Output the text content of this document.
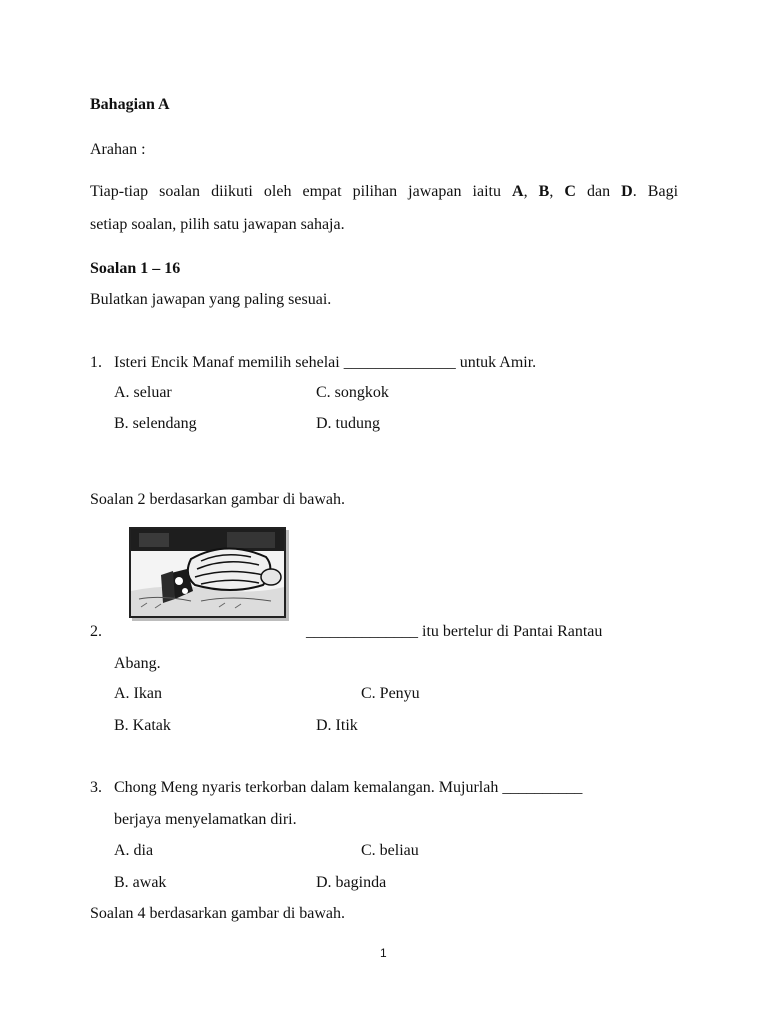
Bahagian A
Arahan :
Tiap-tiap soalan diikuti oleh empat pilihan jawapan iaitu A, B, C dan D. Bagi
setiap soalan, pilih satu jawapan sahaja.
Soalan 1 – 16
Bulatkan jawapan yang paling sesuai.
1. Isteri Encik Manaf memilih sehelai ______________ untuk Amir.
A. seluar	C. songkok
B. selendang	D. tudung
Soalan 2 berdasarkan gambar di bawah.
2.	______________ itu bertelur di Pantai Rantau
Abang.
A. Ikan	C. Penyu
B. Katak	D. Itik
3. Chong Meng nyaris terkorban dalam kemalangan. Mujurlah __________
berjaya menyelamatkan diri.
A. dia	C. beliau
B. awak	D. baginda
Soalan 4 berdasarkan gambar di bawah.
1
